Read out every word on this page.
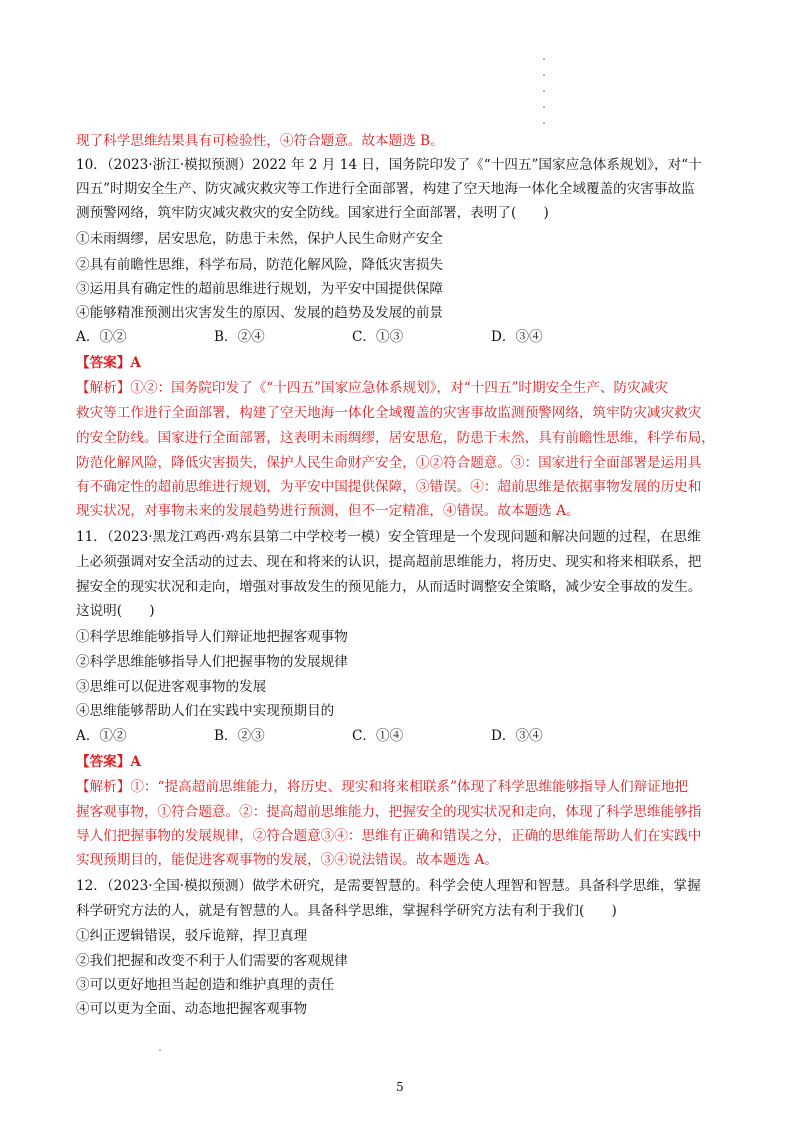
现了科学思维结果具有可检验性，④符合题意。故本题选 B。
10．（2023·浙江·模拟预测）2022 年 2 月 14 日，国务院印发了《“十四五”国家应急体系规划》，对“十
四五”时期安全生产、防灾减灾救灾等工作进行全面部署，构建了空天地海一体化全域覆盖的灾害事故监
测预警网络，筑牢防灾减灾救灾的安全防线。国家进行全面部署，表明了(　　)
①未雨绸缪，居安思危，防患于未然，保护人民生命财产安全
②具有前瞻性思维，科学布局，防范化解风险，降低灾害损失
③运用具有确定性的超前思维进行规划，为平安中国提供保障
④能够精准预测出灾害发生的原因、发展的趋势及发展的前景
A．①②	B．②④	C．①③	D．③④
【答案】A
【解析】①②：国务院印发了《“十四五”国家应急体系规划》，对“十四五”时期安全生产、防灾减灾
救灾等工作进行全面部署，构建了空天地海一体化全域覆盖的灾害事故监测预警网络，筑牢防灾减灾救灾
的安全防线。国家进行全面部署，这表明未雨绸缪，居安思危，防患于未然，具有前瞻性思维，科学布局，
防范化解风险，降低灾害损失，保护人民生命财产安全，①②符合题意。③：国家进行全面部署是运用具
有不确定性的超前思维进行规划，为平安中国提供保障，③错误。④：超前思维是依据事物发展的历史和
现实状况，对事物未来的发展趋势进行预测，但不一定精准，④错误。故本题选 A。
11．（2023·黑龙江鸡西·鸡东县第二中学校考一模）安全管理是一个发现问题和解决问题的过程，在思维
上必须强调对安全活动的过去、现在和将来的认识，提高超前思维能力，将历史、现实和将来相联系，把
握安全的现实状况和走向，增强对事故发生的预见能力，从而适时调整安全策略，减少安全事故的发生。
这说明(　　)
①科学思维能够指导人们辩证地把握客观事物
②科学思维能够指导人们把握事物的发展规律
③思维可以促进客观事物的发展
④思维能够帮助人们在实践中实现预期目的
A．①②	B．②③	C．①④	D．③④
【答案】A
【解析】①：“提高超前思维能力，将历史、现实和将来相联系”体现了科学思维能够指导人们辩证地把
握客观事物，①符合题意。②：提高超前思维能力，把握安全的现实状况和走向，体现了科学思维能够指
导人们把握事物的发展规律，②符合题意③④：思维有正确和错误之分，正确的思维能帮助人们在实践中
实现预期目的，能促进客观事物的发展，③④说法错误。故本题选 A。
12．（2023·全国·模拟预测）做学术研究，是需要智慧的。科学会使人理智和智慧。具备科学思维，掌握
科学研究方法的人，就是有智慧的人。具备科学思维，掌握科学研究方法有利于我们(　　)
①纠正逻辑错误，驳斥诡辩，捍卫真理
②我们把握和改变不利于人们需要的客观规律
③可以更好地担当起创造和维护真理的责任
④可以更为全面、动态地把握客观事物
5
